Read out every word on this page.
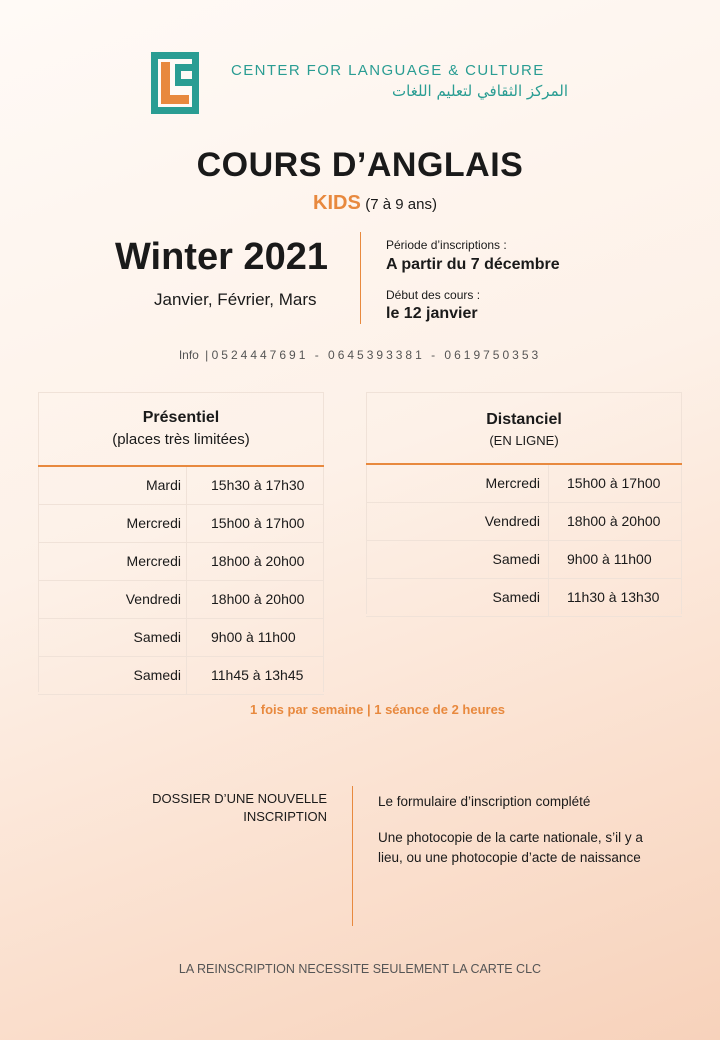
CENTER FOR LANGUAGE & CULTURE
المركز الثقافي لتعليم اللغات
COURS D’ANGLAIS
KIDS (7 à 9 ans)
Winter 2021
Janvier, Février, Mars
Période d’inscriptions :
A partir du 7 décembre
Début des cours :
le 12 janvier
Info | 0524447691 - 0645393381 - 0619750353
Présentiel
(places très limitées)
Mardi 15h30 à 17h30
Mercredi 15h00 à 17h00
Mercredi 18h00 à 20h00
Vendredi 18h00 à 20h00
Samedi 9h00 à 11h00
Samedi 11h45 à 13h45
Distanciel
(EN LIGNE)
Mercredi 15h00 à 17h00
Vendredi 18h00 à 20h00
Samedi 9h00 à 11h00
Samedi 11h30 à 13h30
1 fois par semaine | 1 séance de 2 heures
DOSSIER D’UNE NOUVELLE
INSCRIPTION

Le formulaire d’inscription complété

Une photocopie de la carte nationale, s’il y a lieu, ou une photocopie d’acte de naissance

LA REINSCRIPTION NECESSITE SEULEMENT LA CARTE CLC
